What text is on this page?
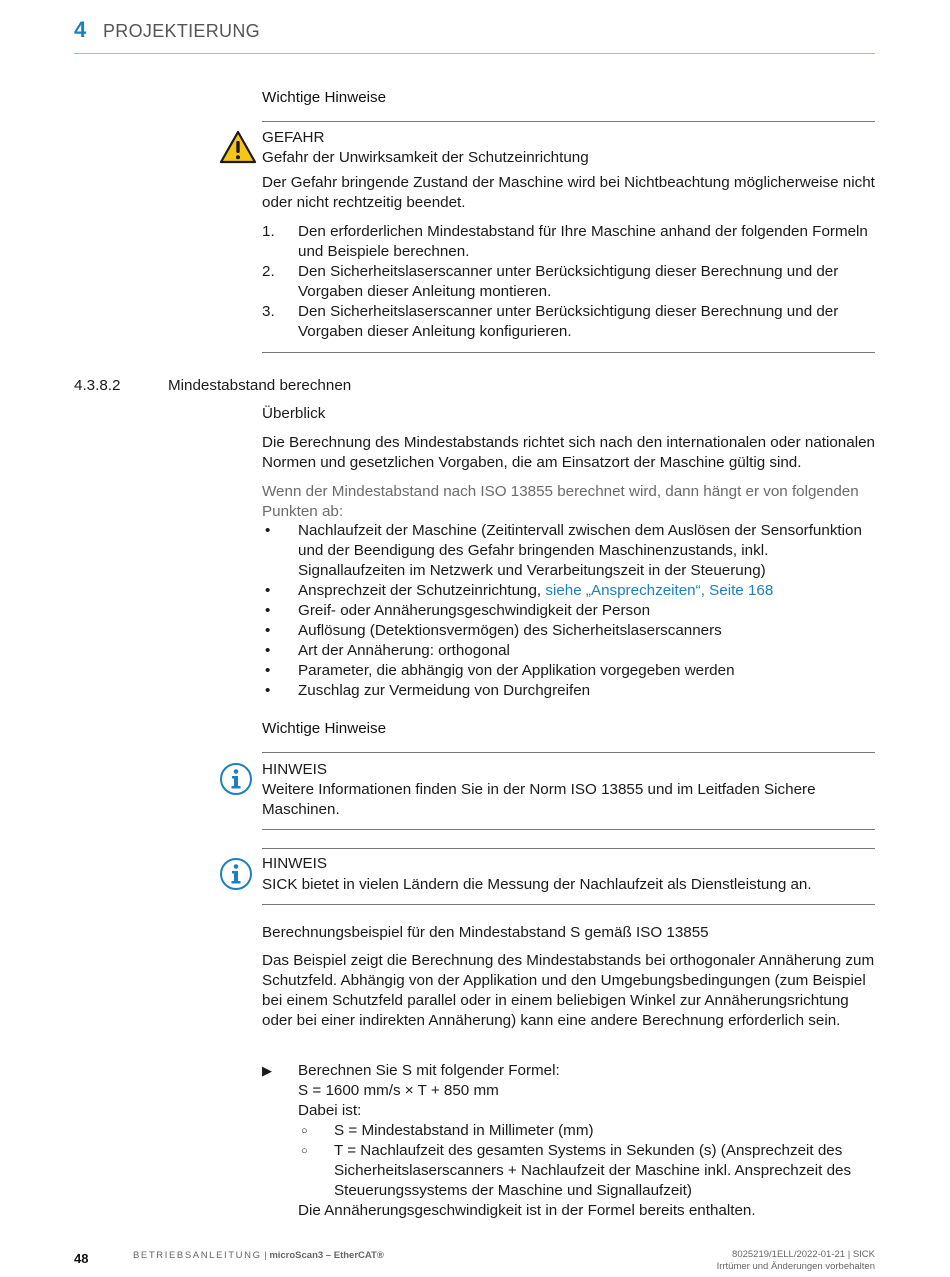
4 PROJEKTIERUNG
Wichtige Hinweise
GEFAHR
Gefahr der Unwirksamkeit der Schutzeinrichtung
Der Gefahr bringende Zustand der Maschine wird bei Nichtbeachtung möglicherweise nicht oder nicht rechtzeitig beendet.
1. Den erforderlichen Mindestabstand für Ihre Maschine anhand der folgenden Formeln und Beispiele berechnen.
2. Den Sicherheitslaserscanner unter Berücksichtigung dieser Berechnung und der Vorgaben dieser Anleitung montieren.
3. Den Sicherheitslaserscanner unter Berücksichtigung dieser Berechnung und der Vorgaben dieser Anleitung konfigurieren.
4.3.8.2	Mindestabstand berechnen
Überblick
Die Berechnung des Mindestabstands richtet sich nach den internationalen oder nationalen Normen und gesetzlichen Vorgaben, die am Einsatzort der Maschine gültig sind.
Wenn der Mindestabstand nach ISO 13855 berechnet wird, dann hängt er von folgenden Punkten ab:
• Nachlaufzeit der Maschine (Zeitintervall zwischen dem Auslösen der Sensorfunktion und der Beendigung des Gefahr bringenden Maschinenzustands, inkl. Signallaufzeiten im Netzwerk und Verarbeitungszeit in der Steuerung)
• Ansprechzeit der Schutzeinrichtung, siehe „Ansprechzeiten“, Seite 168
• Greif- oder Annäherungsgeschwindigkeit der Person
• Auflösung (Detektionsvermögen) des Sicherheitslaserscanners
• Art der Annäherung: orthogonal
• Parameter, die abhängig von der Applikation vorgegeben werden
• Zuschlag zur Vermeidung von Durchgreifen
Wichtige Hinweise
HINWEIS
Weitere Informationen finden Sie in der Norm ISO 13855 und im Leitfaden Sichere Maschinen.
HINWEIS
SICK bietet in vielen Ländern die Messung der Nachlaufzeit als Dienstleistung an.
Berechnungsbeispiel für den Mindestabstand S gemäß ISO 13855
Das Beispiel zeigt die Berechnung des Mindestabstands bei orthogonaler Annäherung zum Schutzfeld. Abhängig von der Applikation und den Umgebungsbedingungen (zum Beispiel bei einem Schutzfeld parallel oder in einem beliebigen Winkel zur Annäherungsrichtung oder bei einer indirekten Annäherung) kann eine andere Berechnung erforderlich sein.
▶ Berechnen Sie S mit folgender Formel:
S = 1600 mm/s × T + 850 mm
Dabei ist:
○ S = Mindestabstand in Millimeter (mm)
○ T = Nachlaufzeit des gesamten Systems in Sekunden (s) (Ansprechzeit des Sicherheitslaserscanners + Nachlaufzeit der Maschine inkl. Ansprechzeit des Steuerungssystems der Maschine und Signallaufzeit)
Die Annäherungsgeschwindigkeit ist in der Formel bereits enthalten.
48	BETRIEBSANLEITUNG | microScan3 – EtherCAT®	8025219/1ELL/2022-01-21 | SICK
Irrtümer und Änderungen vorbehalten
